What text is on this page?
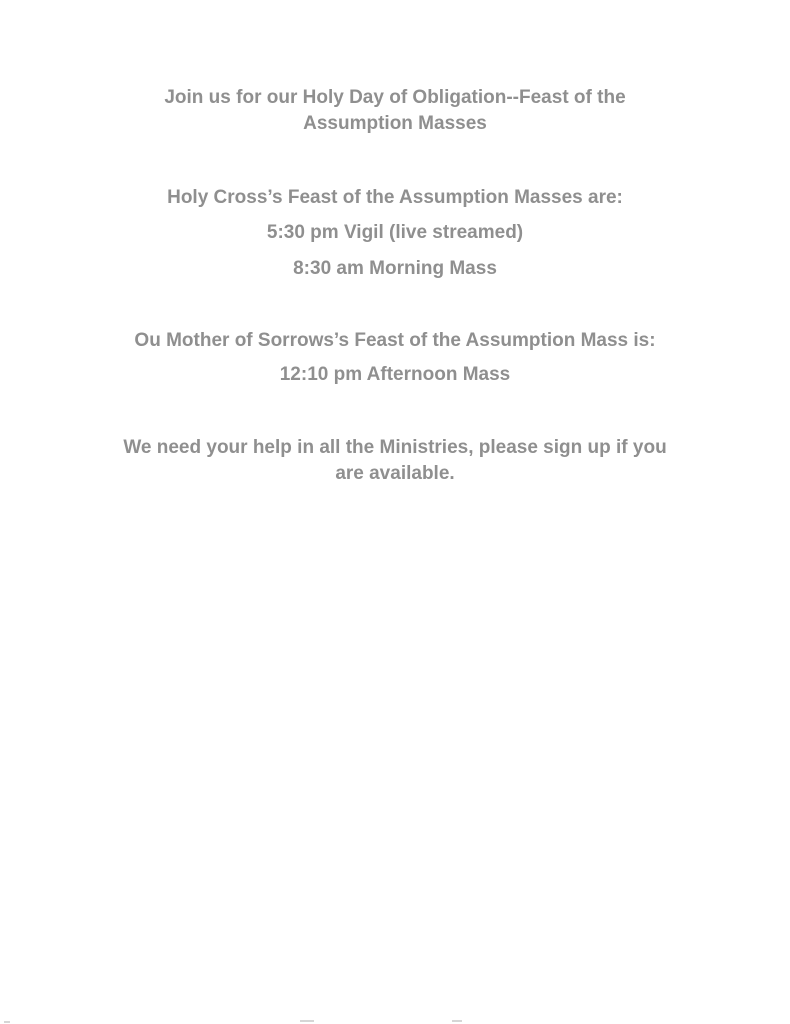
Join us for our Holy Day of Obligation--Feast of the
Assumption Masses
Holy Cross’s Feast of the Assumption Masses are:
5:30 pm Vigil (live streamed)
8:30 am Morning Mass
Ou Mother of Sorrows’s Feast of the Assumption Mass is:
12:10 pm Afternoon Mass
We need your help in all the Ministries, please sign up if you
are available.
